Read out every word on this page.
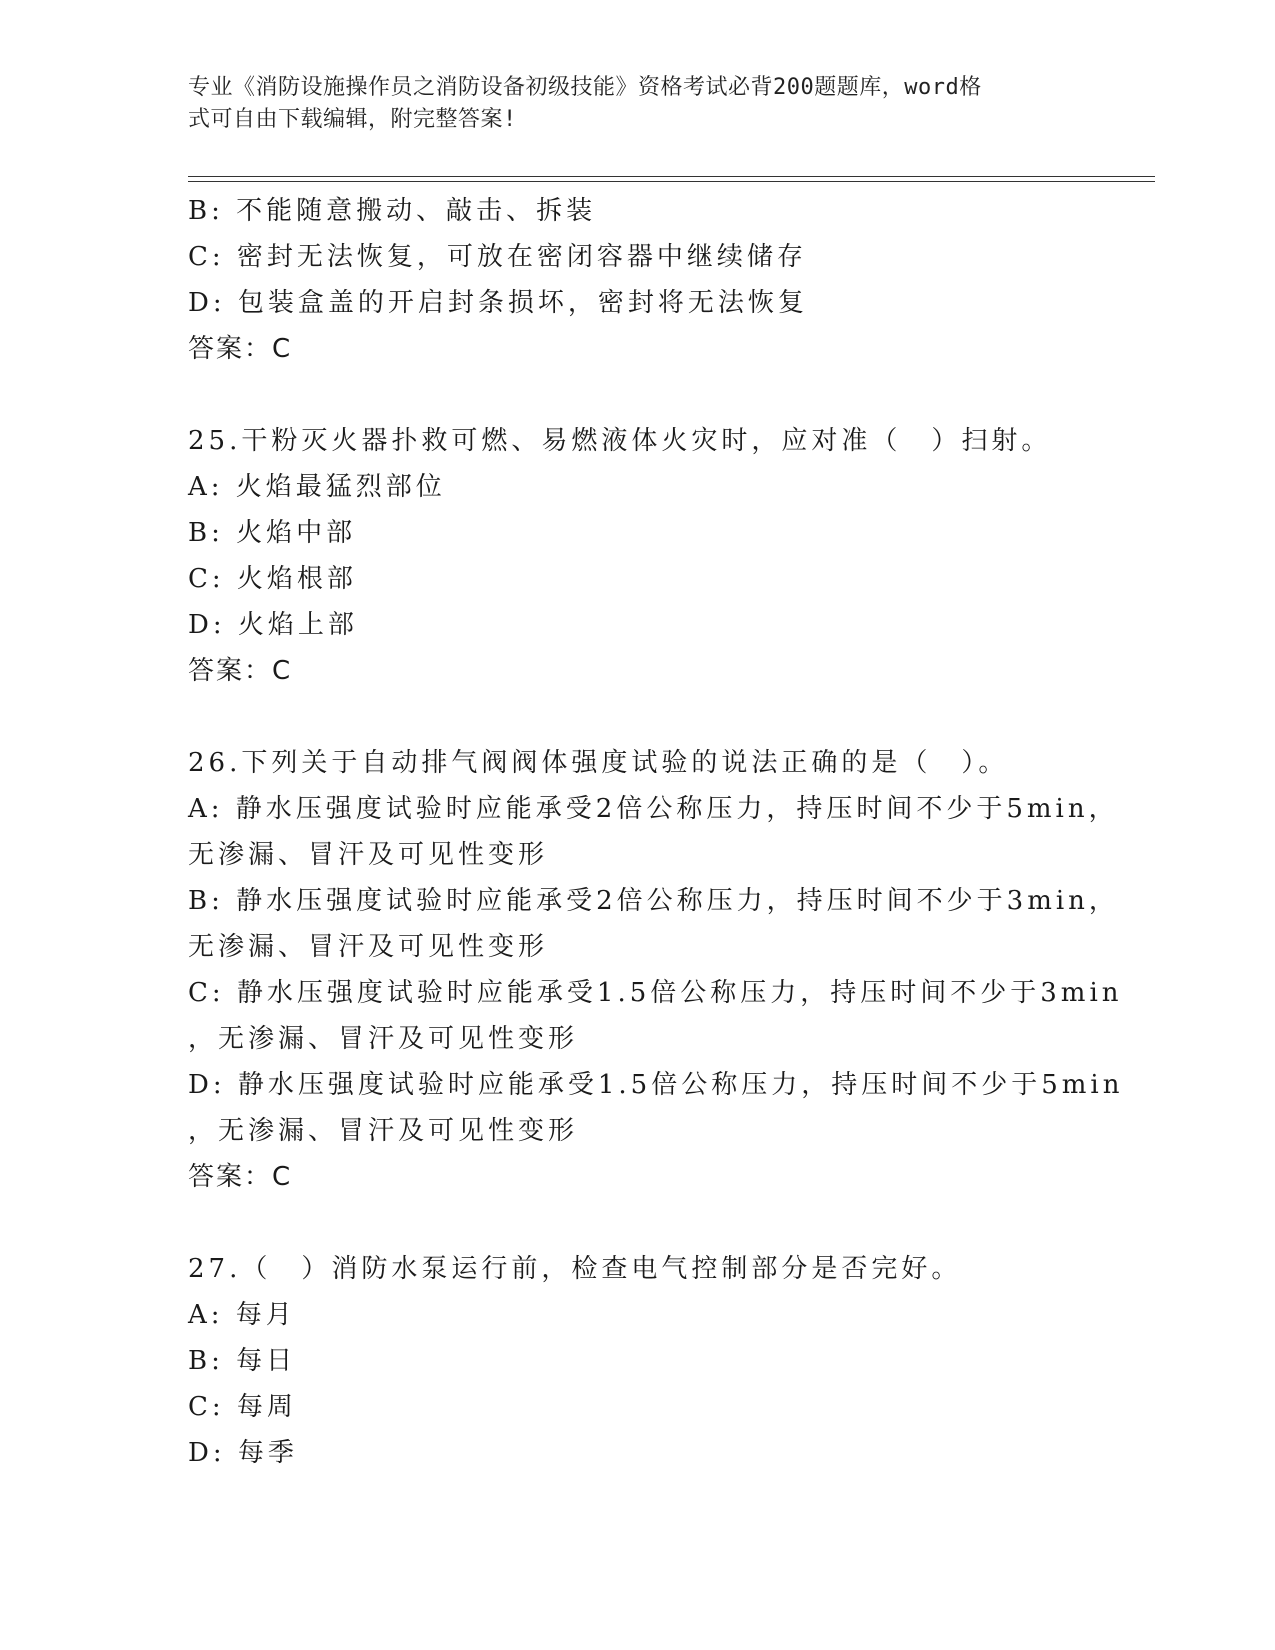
专业《消防设施操作员之消防设备初级技能》资格考试必背200题题库，word格
式可自由下载编辑，附完整答案!
B: 不能随意搬动、敲击、拆装
C: 密封无法恢复，可放在密闭容器中继续储存
D: 包装盒盖的开启封条损坏，密封将无法恢复
答案：C
25.干粉灭火器扑救可燃、易燃液体火灾时，应对准（　）扫射。
A: 火焰最猛烈部位
B: 火焰中部
C: 火焰根部
D: 火焰上部
答案：C
26.下列关于自动排气阀阀体强度试验的说法正确的是（　）。
A: 静水压强度试验时应能承受2倍公称压力，持压时间不少于5min，
无渗漏、冒汗及可见性变形
B: 静水压强度试验时应能承受2倍公称压力，持压时间不少于3min，
无渗漏、冒汗及可见性变形
C: 静水压强度试验时应能承受1.5倍公称压力，持压时间不少于3min
，无渗漏、冒汗及可见性变形
D: 静水压强度试验时应能承受1.5倍公称压力，持压时间不少于5min
，无渗漏、冒汗及可见性变形
答案：C
27.（　）消防水泵运行前，检查电气控制部分是否完好。
A: 每月
B: 每日
C: 每周
D: 每季
